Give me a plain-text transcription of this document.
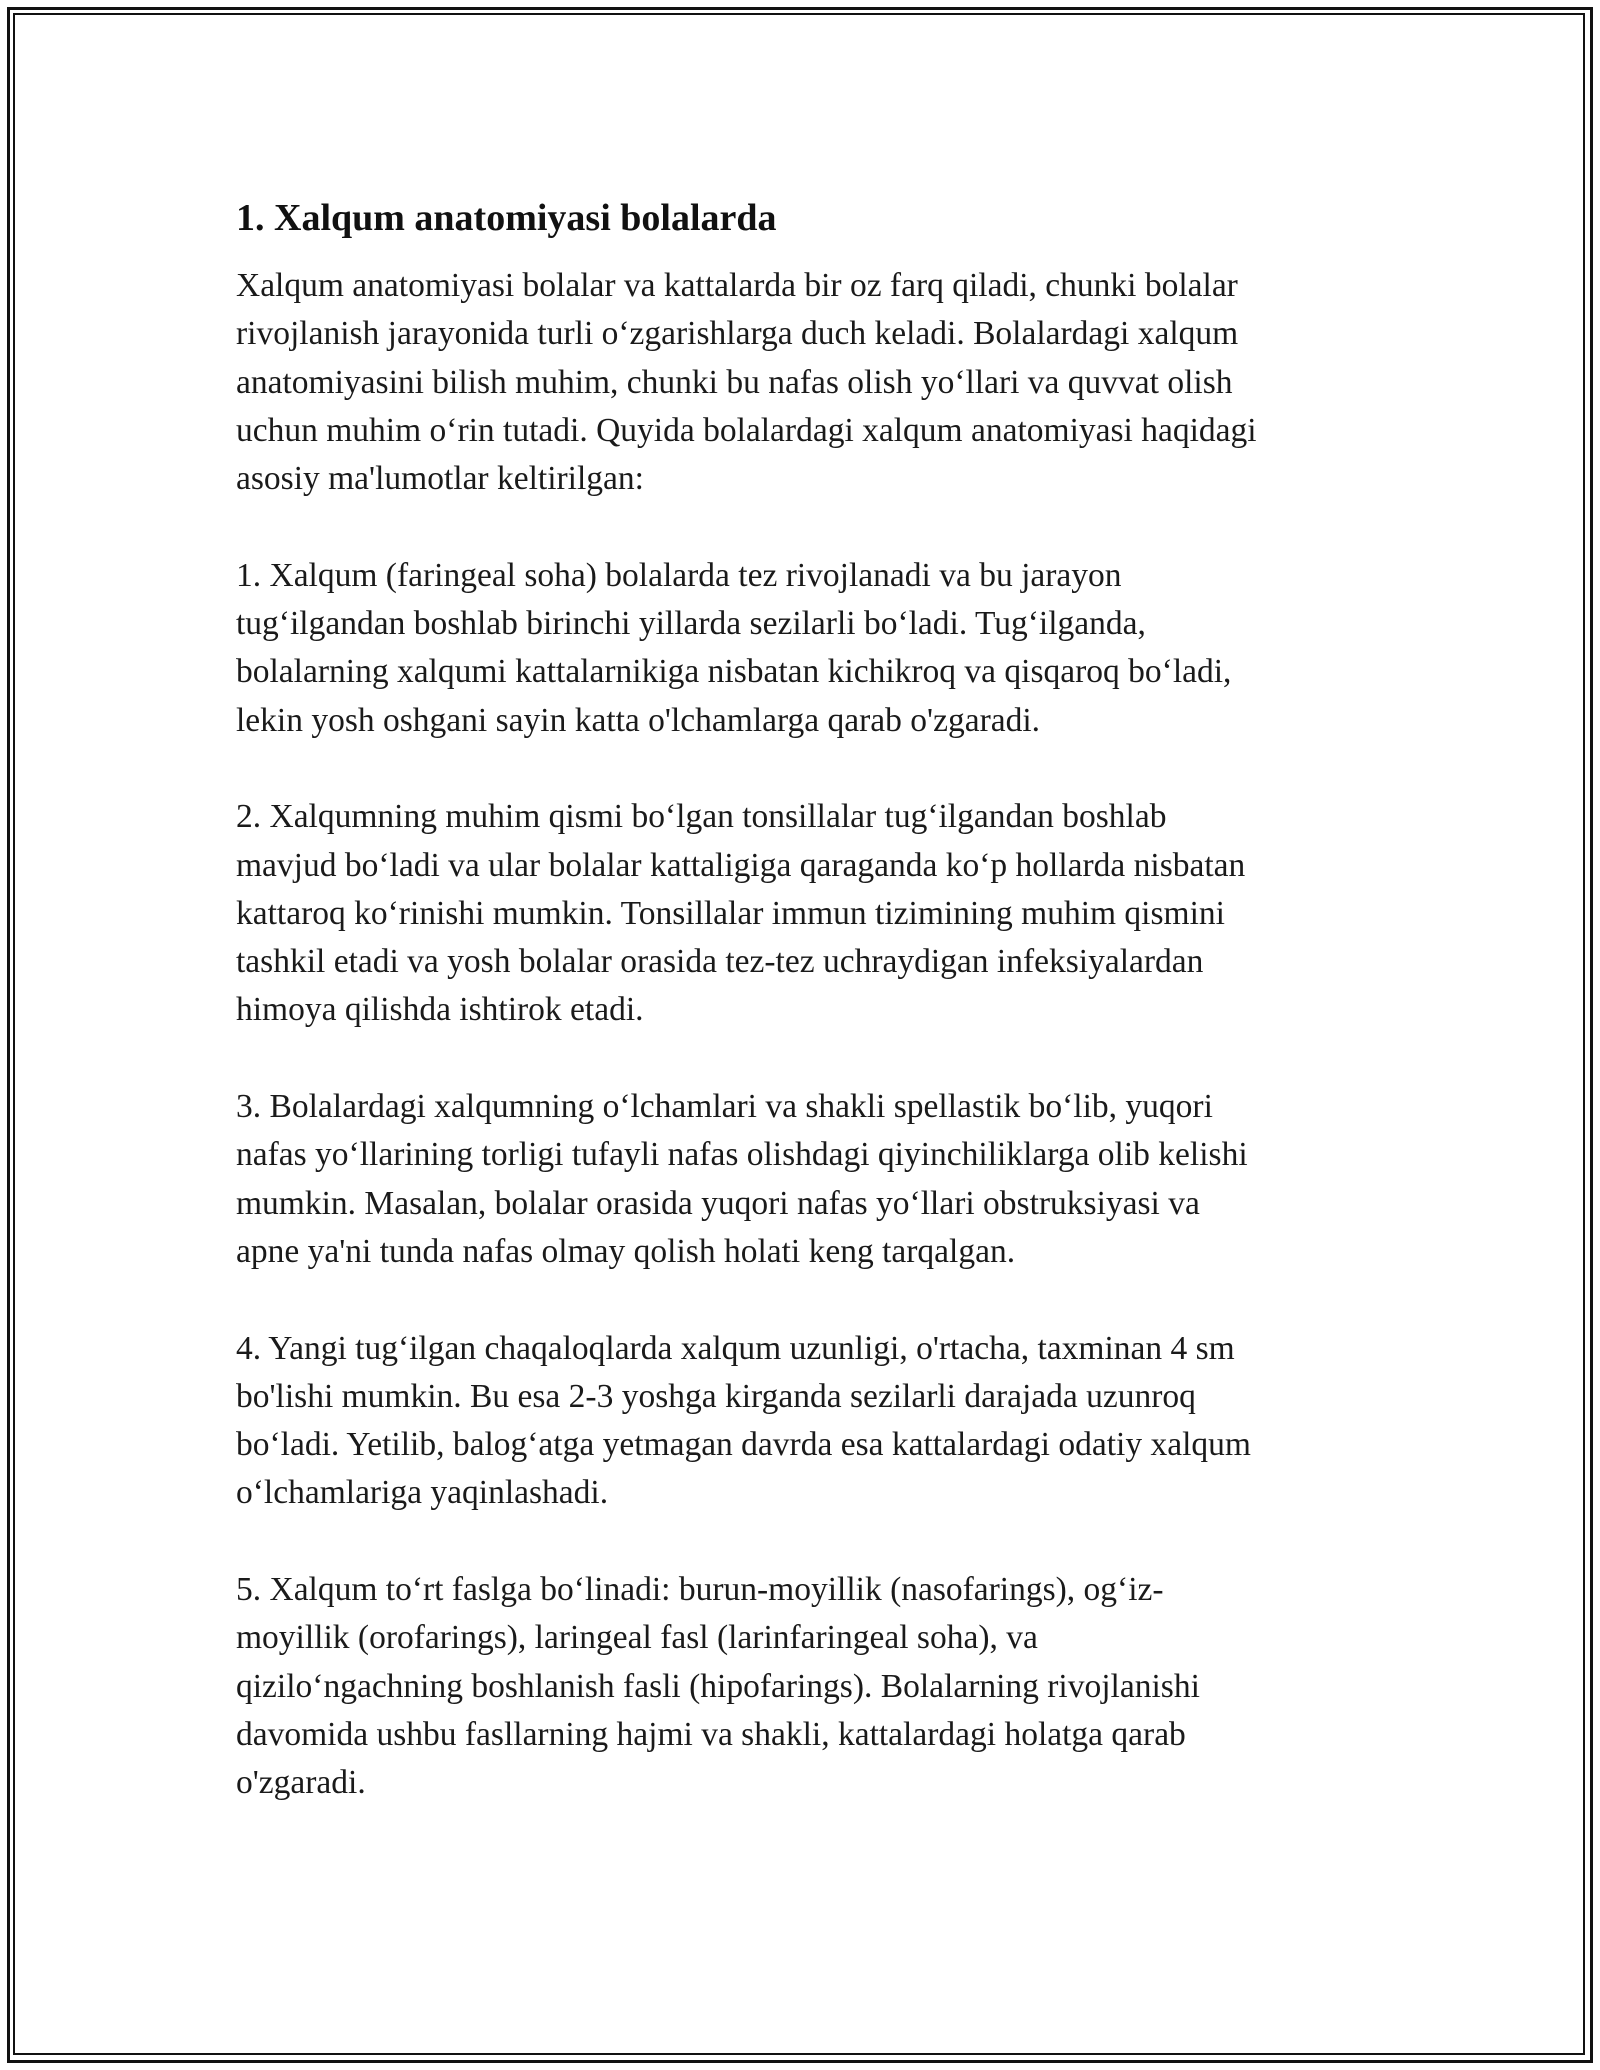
1. Xalqum anatomiyasi bolalarda

Xalqum anatomiyasi bolalar va kattalarda bir oz farq qiladi, chunki bolalar
rivojlanish jarayonida turli o‘zgarishlarga duch keladi. Bolalardagi xalqum
anatomiyasini bilish muhim, chunki bu nafas olish yo‘llari va quvvat olish
uchun muhim o‘rin tutadi. Quyida bolalardagi xalqum anatomiyasi haqidagi
asosiy ma'lumotlar keltirilgan:

1. Xalqum (faringeal soha) bolalarda tez rivojlanadi va bu jarayon
tug‘ilgandan boshlab birinchi yillarda sezilarli bo‘ladi. Tug‘ilganda,
bolalarning xalqumi kattalarnikiga nisbatan kichikroq va qisqaroq bo‘ladi,
lekin yosh oshgani sayin katta o'lchamlarga qarab o'zgaradi.

2. Xalqumning muhim qismi bo‘lgan tonsillalar tug‘ilgandan boshlab
mavjud bo‘ladi va ular bolalar kattaligiga qaraganda ko‘p hollarda nisbatan
kattaroq ko‘rinishi mumkin. Tonsillalar immun tizimining muhim qismini
tashkil etadi va yosh bolalar orasida tez-tez uchraydigan infeksiyalardan
himoya qilishda ishtirok etadi.

3. Bolalardagi xalqumning o‘lchamlari va shakli spellastik bo‘lib, yuqori
nafas yo‘llarining torligi tufayli nafas olishdagi qiyinchiliklarga olib kelishi
mumkin. Masalan, bolalar orasida yuqori nafas yo‘llari obstruksiyasi va
apne ya'ni tunda nafas olmay qolish holati keng tarqalgan.

4. Yangi tug‘ilgan chaqaloqlarda xalqum uzunligi, o'rtacha, taxminan 4 sm
bo'lishi mumkin. Bu esa 2-3 yoshga kirganda sezilarli darajada uzunroq
bo‘ladi. Yetilib, balog‘atga yetmagan davrda esa kattalardagi odatiy xalqum
o‘lchamlariga yaqinlashadi.

5. Xalqum to‘rt faslga bo‘linadi: burun-moyillik (nasofarings), og‘iz-
moyillik (orofarings), laringeal fasl (larinfaringeal soha), va
qizilo‘ngachning boshlanish fasli (hipofarings). Bolalarning rivojlanishi
davomida ushbu fasllarning hajmi va shakli, kattalardagi holatga qarab
o'zgaradi.
